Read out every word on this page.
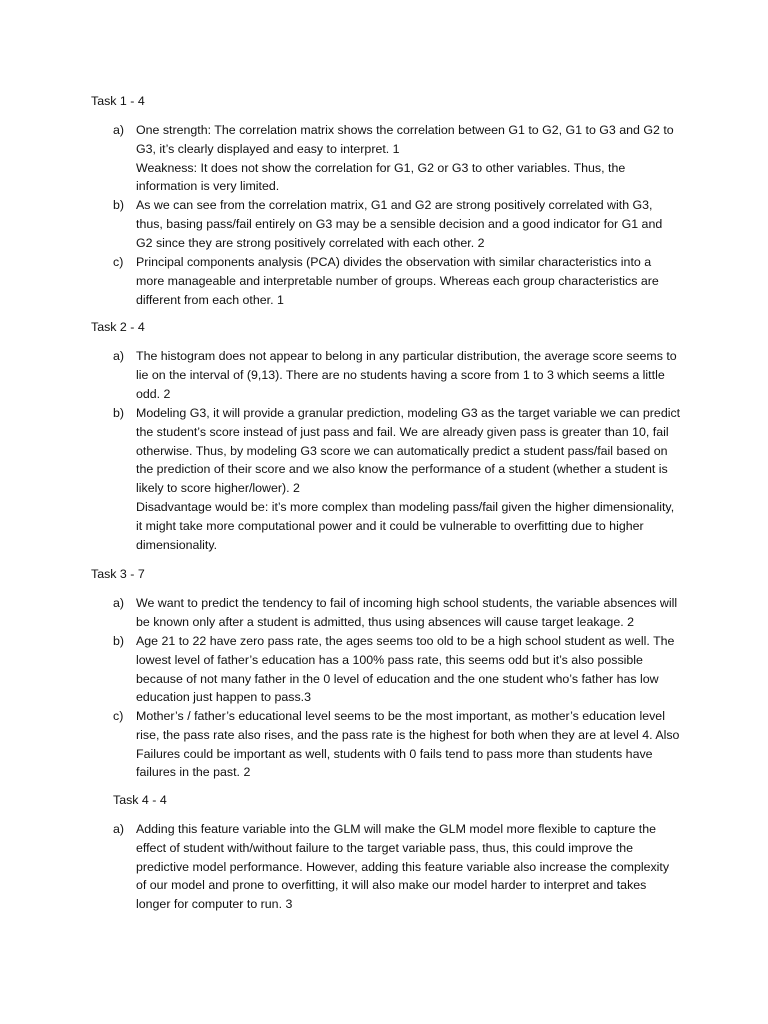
Task 1 - 4
a) One strength: The correlation matrix shows the correlation between G1 to G2, G1 to G3 and G2 to G3, it’s clearly displayed and easy to interpret. 1

Weakness: It does not show the correlation for G1, G2 or G3 to other variables. Thus, the information is very limited.

b) As we can see from the correlation matrix, G1 and G2 are strong positively correlated with G3, thus, basing pass/fail entirely on G3 may be a sensible decision and a good indicator for G1 and G2 since they are strong positively correlated with each other. 2

c) Principal components analysis (PCA) divides the observation with similar characteristics into a more manageable and interpretable number of groups. Whereas each group characteristics are different from each other. 1

Task 2 - 4
a) The histogram does not appear to belong in any particular distribution, the average score seems to lie on the interval of (9,13). There are no students having a score from 1 to 3 which seems a little odd. 2

b) Modeling G3, it will provide a granular prediction, modeling G3 as the target variable we can predict the student’s score instead of just pass and fail. We are already given pass is greater than 10, fail otherwise. Thus, by modeling G3 score we can automatically predict a student pass/fail based on the prediction of their score and we also know the performance of a student (whether a student is likely to score higher/lower). 2

Disadvantage would be: it’s more complex than modeling pass/fail given the higher dimensionality, it might take more computational power and it could be vulnerable to overfitting due to higher dimensionality.

Task 3 - 7
a) We want to predict the tendency to fail of incoming high school students, the variable absences will be known only after a student is admitted, thus using absences will cause target leakage. 2

b) Age 21 to 22 have zero pass rate, the ages seems too old to be a high school student as well. The lowest level of father’s education has a 100% pass rate, this seems odd but it’s also possible because of not many father in the 0 level of education and the one student who’s father has low education just happen to pass.3

c) Mother’s / father’s educational level seems to be the most important, as mother’s education level rise, the pass rate also rises, and the pass rate is the highest for both when they are at level 4. Also Failures could be important as well, students with 0 fails tend to pass more than students have failures in the past. 2

Task 4 - 4
a) Adding this feature variable into the GLM will make the GLM model more flexible to capture the effect of student with/without failure to the target variable pass, thus, this could improve the predictive model performance. However, adding this feature variable also increase the complexity of our model and prone to overfitting, it will also make our model harder to interpret and takes longer for computer to run. 3
